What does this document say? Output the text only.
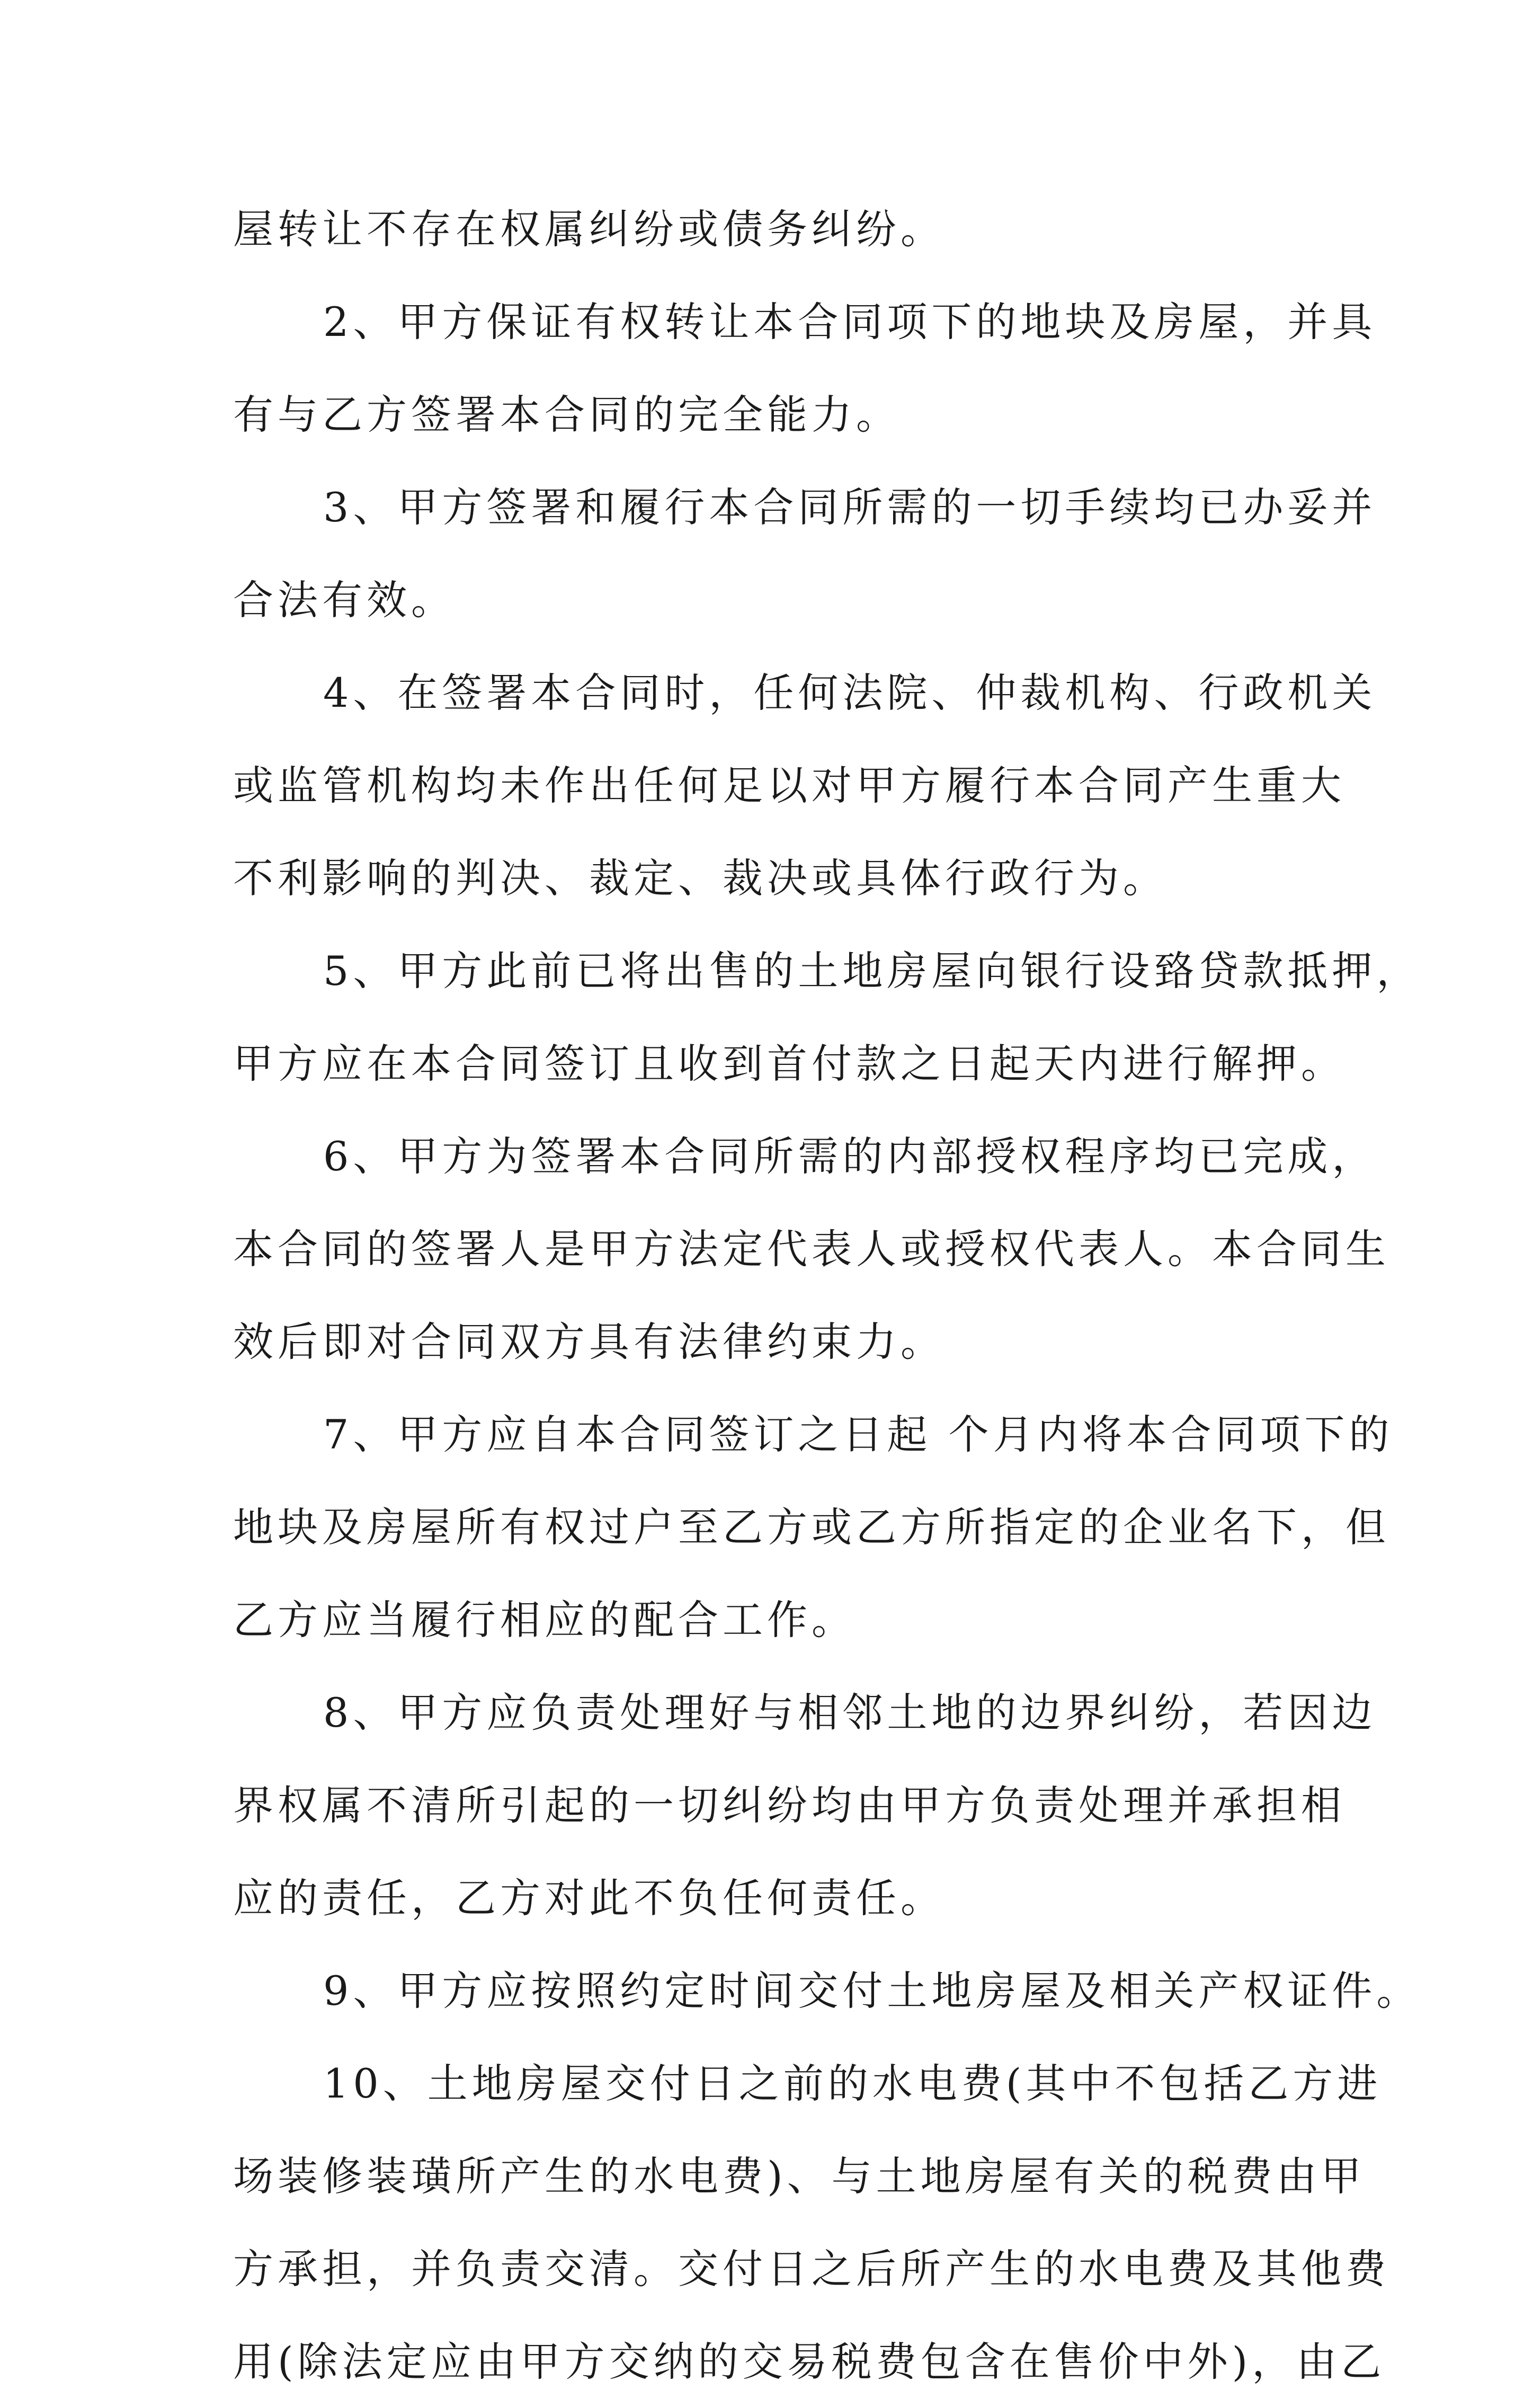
屋转让不存在权属纠纷或债务纠纷。

2、甲方保证有权转让本合同项下的地块及房屋，并具
有与乙方签署本合同的完全能力。

3、甲方签署和履行本合同所需的一切手续均已办妥并
合法有效。

4、在签署本合同时，任何法院、仲裁机构、行政机关
或监管机构均未作出任何足以对甲方履行本合同产生重大
不利影响的判决、裁定、裁决或具体行政行为。

5、甲方此前已将出售的土地房屋向银行设臵贷款抵押，
甲方应在本合同签订且收到首付款之日起天内进行解押。

6、甲方为签署本合同所需的内部授权程序均已完成，
本合同的签署人是甲方法定代表人或授权代表人。本合同生
效后即对合同双方具有法律约束力。

7、甲方应自本合同签订之日起 个月内将本合同项下的
地块及房屋所有权过户至乙方或乙方所指定的企业名下，但
乙方应当履行相应的配合工作。

8、甲方应负责处理好与相邻土地的边界纠纷，若因边
界权属不清所引起的一切纠纷均由甲方负责处理并承担相
应的责任，乙方对此不负任何责任。

9、甲方应按照约定时间交付土地房屋及相关产权证件。

10、土地房屋交付日之前的水电费(其中不包括乙方进
场装修装璜所产生的水电费)、与土地房屋有关的税费由甲
方承担，并负责交清。交付日之后所产生的水电费及其他费
用(除法定应由甲方交纳的交易税费包含在售价中外)，由乙
